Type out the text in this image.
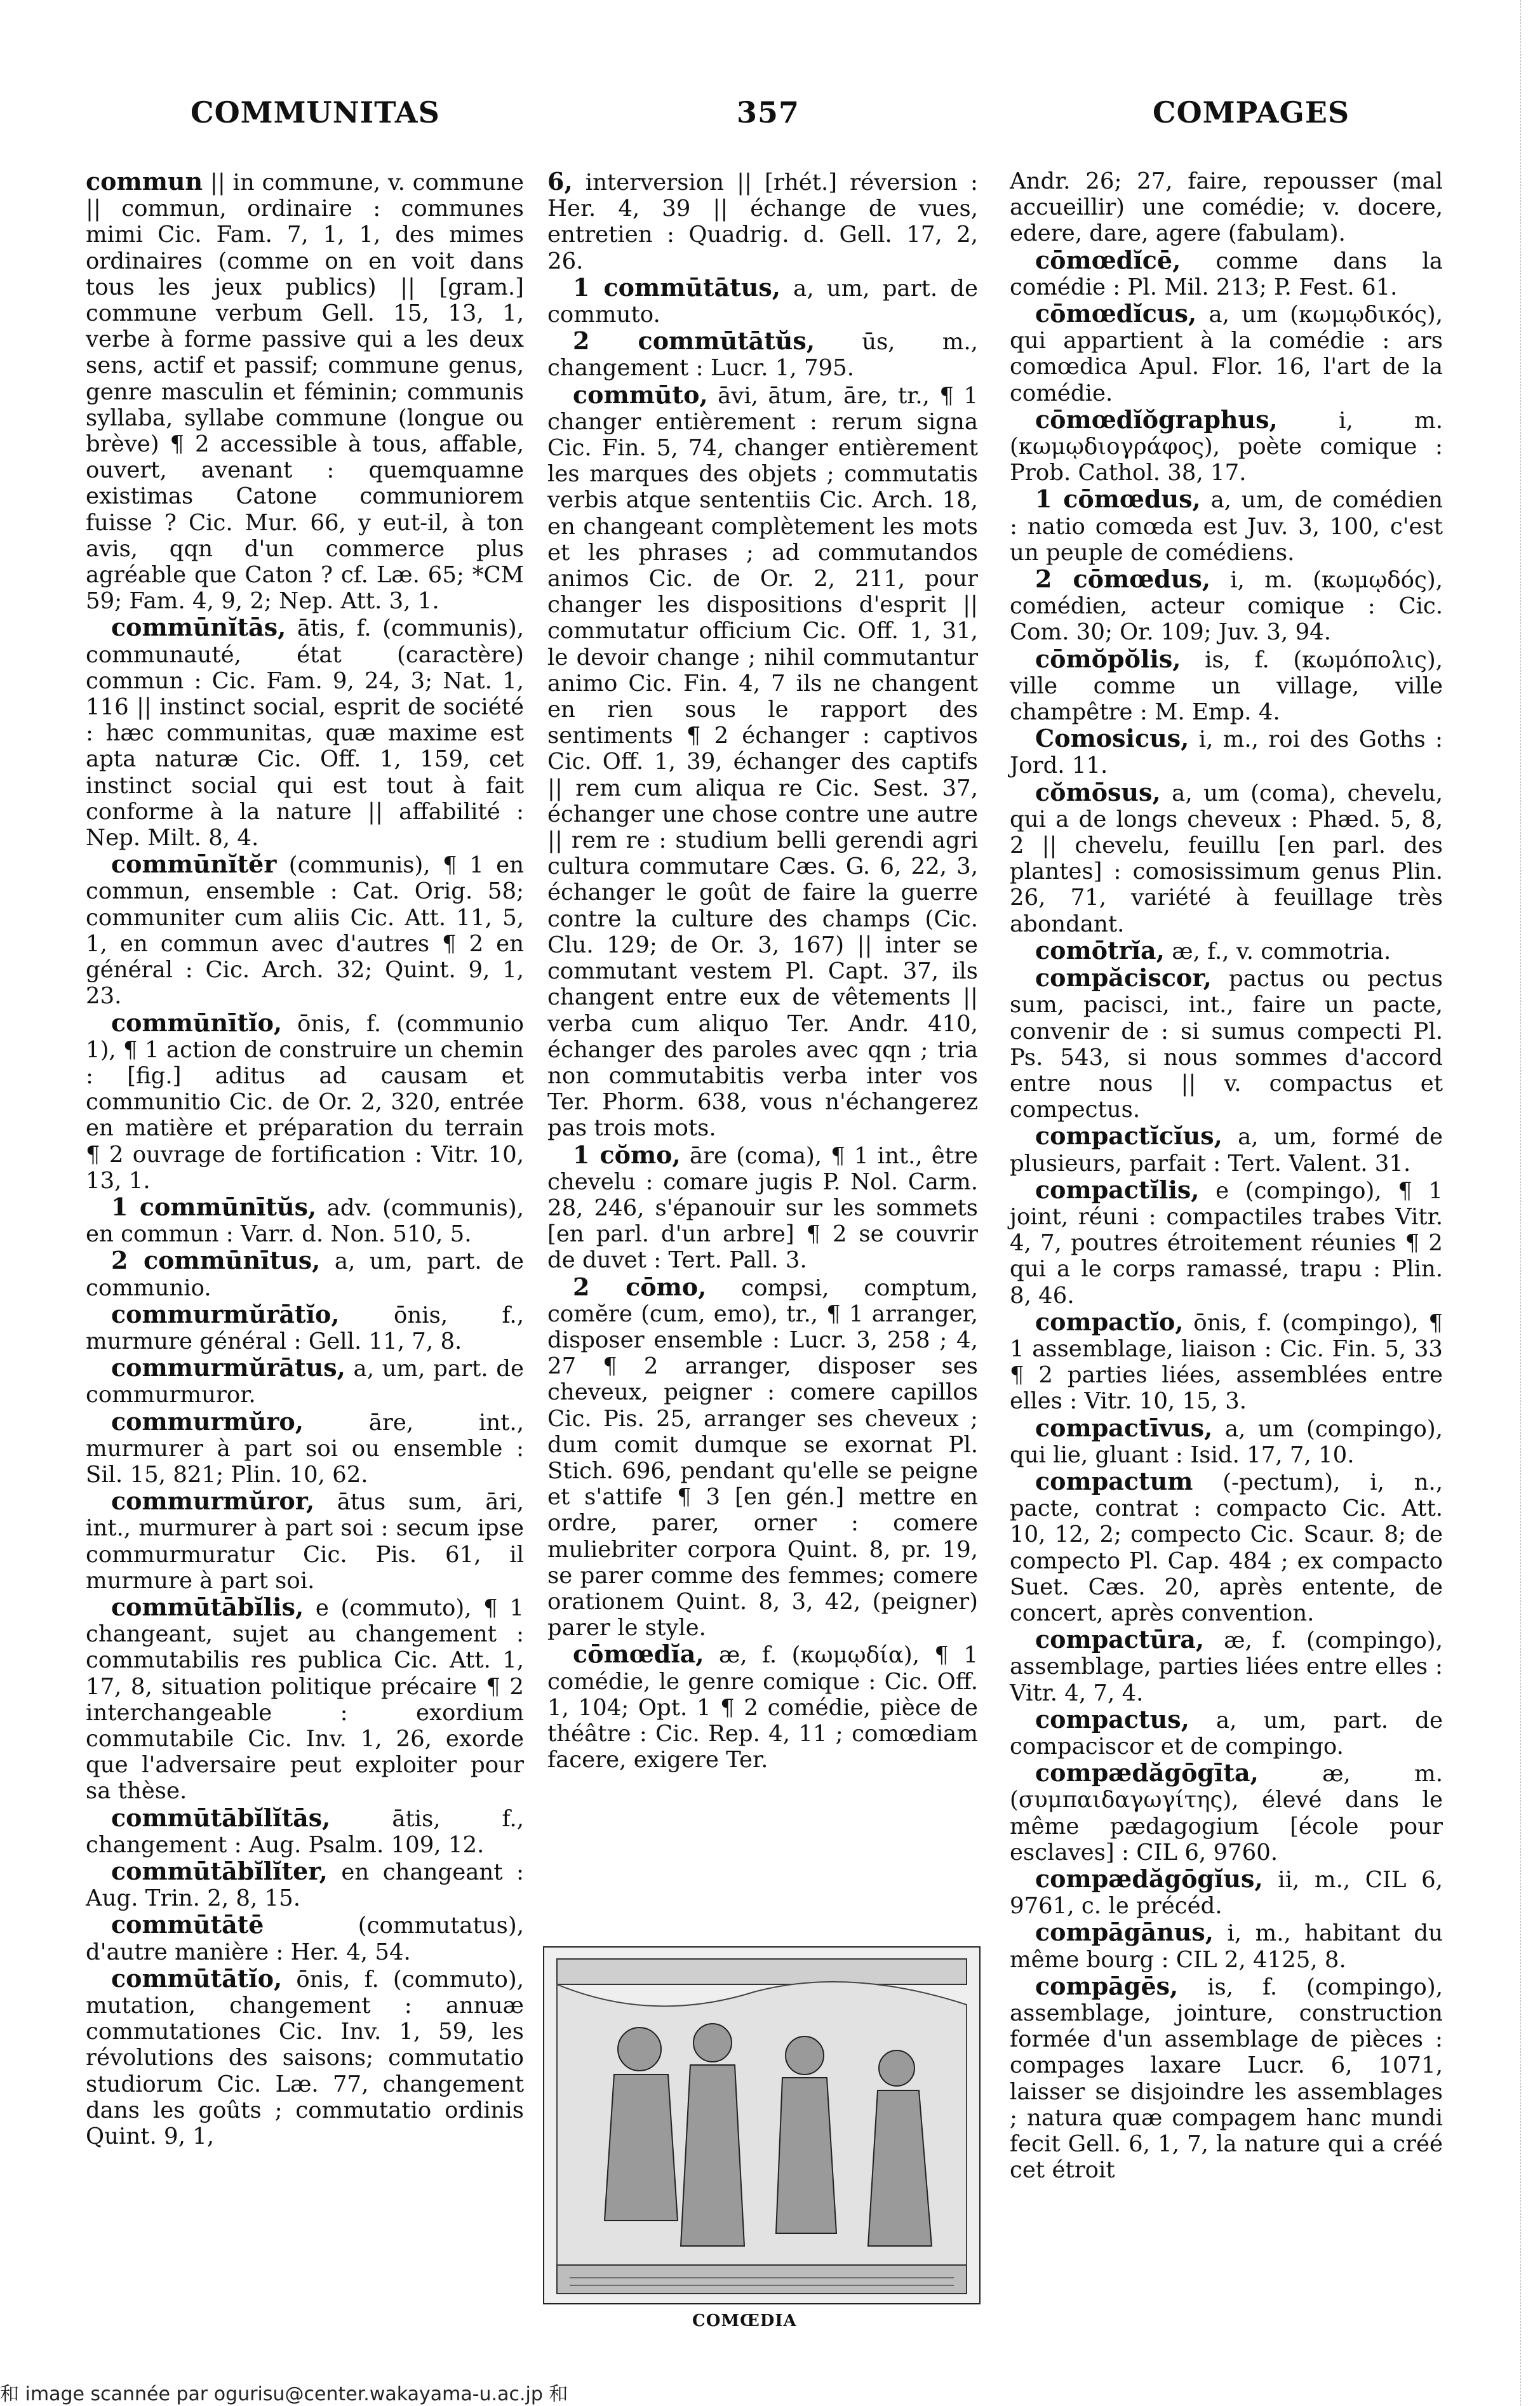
COMMUNITAS	357	COMPAGES

commun || in commune, v. commune || commun, ordinaire : communes mimi Cic. Fam. 7, 1, 1, des mimes ordinaires (comme on en voit dans tous les jeux publics) || [gram.] commune verbum Gell. 15, 13, 1, verbe à forme passive qui a les deux sens, actif et passif; commune genus, genre masculin et féminin; communis syllaba, syllabe commune (longue ou brève) ¶ 2 accessible à tous, affable, ouvert, avenant : quemquamne existimas Catone communiorem fuisse ? Cic. Mur. 66, y eut-il, à ton avis, qqn d'un commerce plus agréable que Caton ? cf. Læ. 65; *CM 59; Fam. 4, 9, 2; Nep. Att. 3, 1.

commūnĭtās, ātis, f. (communis), communauté, état (caractère) commun : Cic. Fam. 9, 24, 3; Nat. 1, 116 || instinct social, esprit de société : hæc communitas, quæ maxime est apta naturæ Cic. Off. 1, 159, cet instinct social qui est tout à fait conforme à la nature || affabilité : Nep. Milt. 8, 4.

commūnĭtĕr (communis), ¶ 1 en commun, ensemble : Cat. Orig. 58; communiter cum aliis Cic. Att. 11, 5, 1, en commun avec d'autres ¶ 2 en général : Cic. Arch. 32; Quint. 9, 1, 23.

commūnītĭo, ōnis, f. (communio 1), ¶ 1 action de construire un chemin : [fig.] aditus ad causam et communitio Cic. de Or. 2, 320, entrée en matière et préparation du terrain ¶ 2 ouvrage de fortification : Vitr. 10, 13, 1.

1 commūnītŭs, adv. (communis), en commun : Varr. d. Non. 510, 5.

2 commūnītus, a, um, part. de communio.

commurmŭrātĭo, ōnis, f., murmure général : Gell. 11, 7, 8.

commurmŭrātus, a, um, part. de commurmuror.

commurmŭro, āre, int., murmurer à part soi ou ensemble : Sil. 15, 821; Plin. 10, 62.

commurmŭror, ātus sum, āri, int., murmurer à part soi : secum ipse commurmuratur Cic. Pis. 61, il murmure à part soi.

commūtābĭlis, e (commuto), ¶ 1 changeant, sujet au changement : commutabilis res publica Cic. Att. 1, 17, 8, situation politique précaire ¶ 2 interchangeable : exordium commutabile Cic. Inv. 1, 26, exorde que l'adversaire peut exploiter pour sa thèse.

commūtābĭlĭtās, ātis, f., changement : Aug. Psalm. 109, 12.

commūtābĭlĭter, en changeant : Aug. Trin. 2, 8, 15.

commūtātē (commutatus), d'autre manière : Her. 4, 54.

commūtātĭo, ōnis, f. (commuto), mutation, changement : annuæ commutationes Cic. Inv. 1, 59, les révolutions des saisons; commutatio studiorum Cic. Læ. 77, changement dans les goûts ; commutatio ordinis Quint. 9, 1,

6, interversion || [rhét.] réversion : Her. 4, 39 || échange de vues, entretien : Quadrig. d. Gell. 17, 2, 26.

1 commūtātus, a, um, part. de commuto.

2 commūtātŭs, ūs, m., changement : Lucr. 1, 795.

commūto, āvi, ātum, āre, tr., ¶ 1 changer entièrement : rerum signa Cic. Fin. 5, 74, changer entièrement les marques des objets ; commutatis verbis atque sententiis Cic. Arch. 18, en changeant complètement les mots et les phrases ; ad commutandos animos Cic. de Or. 2, 211, pour changer les dispositions d'esprit || commutatur officium Cic. Off. 1, 31, le devoir change ; nihil commutantur animo Cic. Fin. 4, 7 ils ne changent en rien sous le rapport des sentiments ¶ 2 échanger : captivos Cic. Off. 1, 39, échanger des captifs || rem cum aliqua re Cic. Sest. 37, échanger une chose contre une autre || rem re : studium belli gerendi agri cultura commutare Cæs. G. 6, 22, 3, échanger le goût de faire la guerre contre la culture des champs (Cic. Clu. 129; de Or. 3, 167) || inter se commutant vestem Pl. Capt. 37, ils changent entre eux de vêtements || verba cum aliquo Ter. Andr. 410, échanger des paroles avec qqn ; tria non commutabitis verba inter vos Ter. Phorm. 638, vous n'échangerez pas trois mots.

1 cŏmo, āre (coma), ¶ 1 int., être chevelu : comare jugis P. Nol. Carm. 28, 246, s'épanouir sur les sommets [en parl. d'un arbre] ¶ 2 se couvrir de duvet : Tert. Pall. 3.

2 cōmo, compsi, comptum, comĕre (cum, emo), tr., ¶ 1 arranger, disposer ensemble : Lucr. 3, 258 ; 4, 27 ¶ 2 arranger, disposer ses cheveux, peigner : comere capillos Cic. Pis. 25, arranger ses cheveux ; dum comit dumque se exornat Pl. Stich. 696, pendant qu'elle se peigne et s'attife ¶ 3 [en gén.] mettre en ordre, parer, orner : comere muliebriter corpora Quint. 8, pr. 19, se parer comme des femmes; comere orationem Quint. 8, 3, 42, (peigner) parer le style.

cōmœdĭa, æ, f. (κωμῳδία), ¶ 1 comédie, le genre comique : Cic. Off. 1, 104; Opt. 1 ¶ 2 comédie, pièce de théâtre : Cic. Rep. 4, 11 ; comœdiam facere, exigere Ter.

Andr. 26; 27, faire, repousser (mal accueillir) une comédie; v. docere, edere, dare, agere (fabulam).

cōmœdĭcē, comme dans la comédie : Pl. Mil. 213; P. Fest. 61.

cōmœdĭcus, a, um (κωμῳδικός), qui appartient à la comédie : ars comœdica Apul. Flor. 16, l'art de la comédie.

cōmœdĭŏgraphus, i, m. (κωμῳδιογράφος), poète comique : Prob. Cathol. 38, 17.

1 cōmœdus, a, um, de comédien : natio comœda est Juv. 3, 100, c'est un peuple de comédiens.

2 cōmœdus, i, m. (κωμῳδός), comédien, acteur comique : Cic. Com. 30; Or. 109; Juv. 3, 94.

cōmŏpŏlis, is, f. (κωμόπολις), ville comme un village, ville champêtre : M. Emp. 4.

Comosicus, i, m., roi des Goths : Jord. 11.

cŏmōsus, a, um (coma), chevelu, qui a de longs cheveux : Phæd. 5, 8, 2 || chevelu, feuillu [en parl. des plantes] : comosissimum genus Plin. 26, 71, variété à feuillage très abondant.

comōtrĭa, æ, f., v. commotria.

compăciscor, pactus ou pectus sum, pacisci, int., faire un pacte, convenir de : si sumus compecti Pl. Ps. 543, si nous sommes d'accord entre nous || v. compactus et compectus.

compactĭcĭus, a, um, formé de plusieurs, parfait : Tert. Valent. 31.

compactĭlis, e (compingo), ¶ 1 joint, réuni : compactiles trabes Vitr. 4, 7, poutres étroitement réunies ¶ 2 qui a le corps ramassé, trapu : Plin. 8, 46.

compactĭo, ōnis, f. (compingo), ¶ 1 assemblage, liaison : Cic. Fin. 5, 33 ¶ 2 parties liées, assemblées entre elles : Vitr. 10, 15, 3.

compactīvus, a, um (compingo), qui lie, gluant : Isid. 17, 7, 10.

compactum (-pectum), i, n., pacte, contrat : compacto Cic. Att. 10, 12, 2; compecto Cic. Scaur. 8; de compecto Pl. Cap. 484 ; ex compacto Suet. Cæs. 20, après entente, de concert, après convention.

compactūra, æ, f. (compingo), assemblage, parties liées entre elles : Vitr. 4, 7, 4.

compactus, a, um, part. de compaciscor et de compingo.

compædăgōgīta, æ, m. (συμπαιδαγωγίτης), élevé dans le même pædagogium [école pour esclaves] : CIL 6, 9760.

compædăgōgĭus, ii, m., CIL 6, 9761, c. le précéd.

compāgānus, i, m., habitant du même bourg : CIL 2, 4125, 8.

compāgēs, is, f. (compingo), assemblage, jointure, construction formée d'un assemblage de pièces : compages laxare Lucr. 6, 1071, laisser se disjoindre les assemblages ; natura quæ compagem hanc mundi fecit Gell. 6, 1, 7, la nature qui a créé cet étroit

COMŒDIA
和 image scannée par ogurisu@center.wakayama-u.ac.jp 和
